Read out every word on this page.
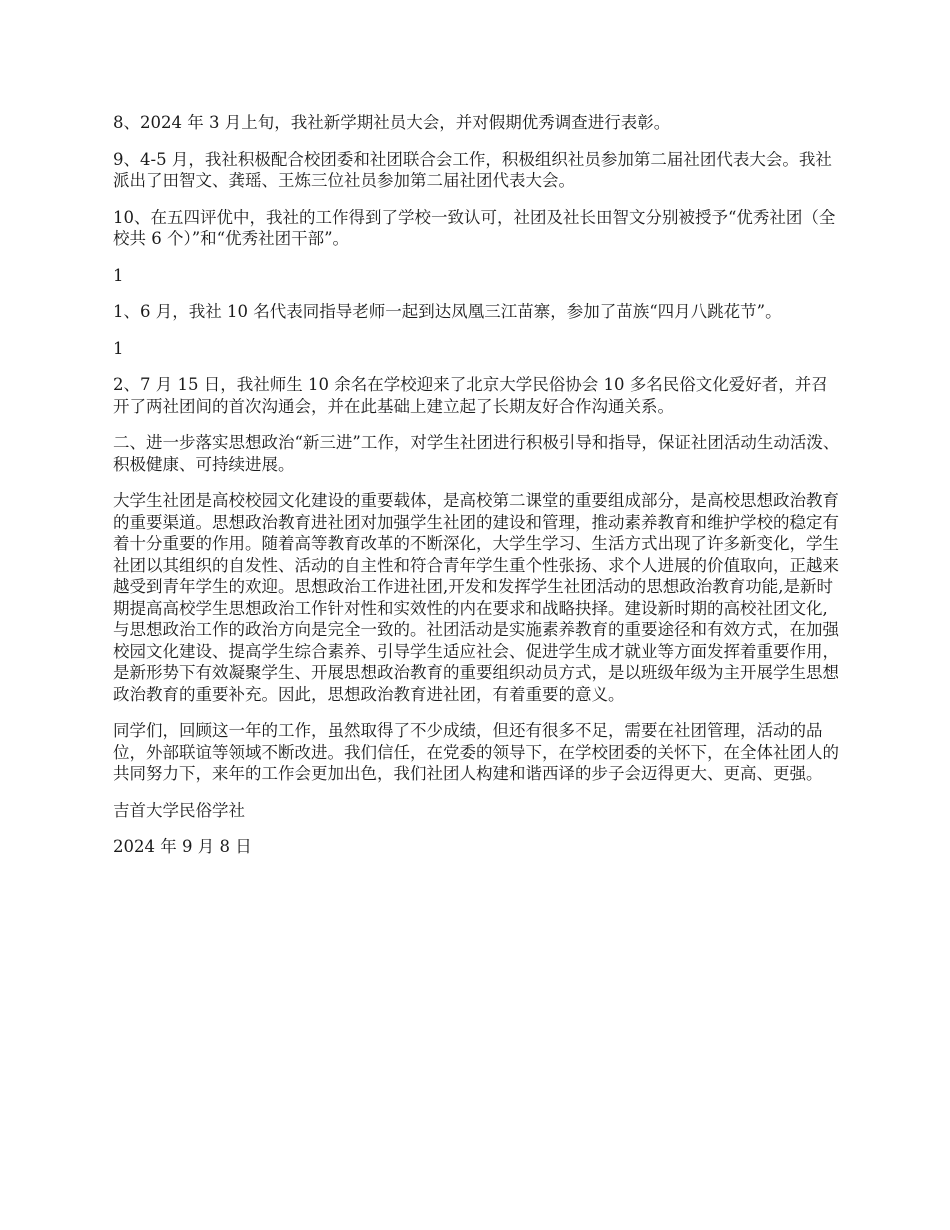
8、2024 年 3 月上旬，我社新学期社员大会，并对假期优秀调查进行表彰。

9、4-5 月，我社积极配合校团委和社团联合会工作，积极组织社员参加第二届社团代表大会。我社派出了田智文、龚瑶、王炼三位社员参加第二届社团代表大会。

10、在五四评优中，我社的工作得到了学校一致认可，社团及社长田智文分别被授予“优秀社团（全校共 6 个）”和“优秀社团干部”。

1

1、6 月，我社 10 名代表同指导老师一起到达凤凰三江苗寨，参加了苗族“四月八跳花节”。

1

2、7 月 15 日，我社师生 10 余名在学校迎来了北京大学民俗协会 10 多名民俗文化爱好者，并召开了两社团间的首次沟通会，并在此基础上建立起了长期友好合作沟通关系。

二、进一步落实思想政治“新三进”工作，对学生社团进行积极引导和指导，保证社团活动生动活泼、积极健康、可持续进展。

大学生社团是高校校园文化建设的重要载体，是高校第二课堂的重要组成部分，是高校思想政治教育的重要渠道。思想政治教育进社团对加强学生社团的建设和管理，推动素养教育和维护学校的稳定有着十分重要的作用。随着高等教育改革的不断深化，大学生学习、生活方式出现了许多新变化，学生社团以其组织的自发性、活动的自主性和符合青年学生重个性张扬、求个人进展的价值取向，正越来越受到青年学生的欢迎。思想政治工作进社团,开发和发挥学生社团活动的思想政治教育功能,是新时期提高高校学生思想政治工作针对性和实效性的内在要求和战略抉择。建设新时期的高校社团文化,与思想政治工作的政治方向是完全一致的。社团活动是实施素养教育的重要途径和有效方式，在加强校园文化建设、提高学生综合素养、引导学生适应社会、促进学生成才就业等方面发挥着重要作用，是新形势下有效凝聚学生、开展思想政治教育的重要组织动员方式，是以班级年级为主开展学生思想政治教育的重要补充。因此，思想政治教育进社团，有着重要的意义。

同学们，回顾这一年的工作，虽然取得了不少成绩，但还有很多不足，需要在社团管理，活动的品位，外部联谊等领域不断改进。我们信任，在党委的领导下，在学校团委的关怀下，在全体社团人的共同努力下，来年的工作会更加出色，我们社团人构建和谐西译的步子会迈得更大、更高、更强。

吉首大学民俗学社

2024 年 9 月 8 日
